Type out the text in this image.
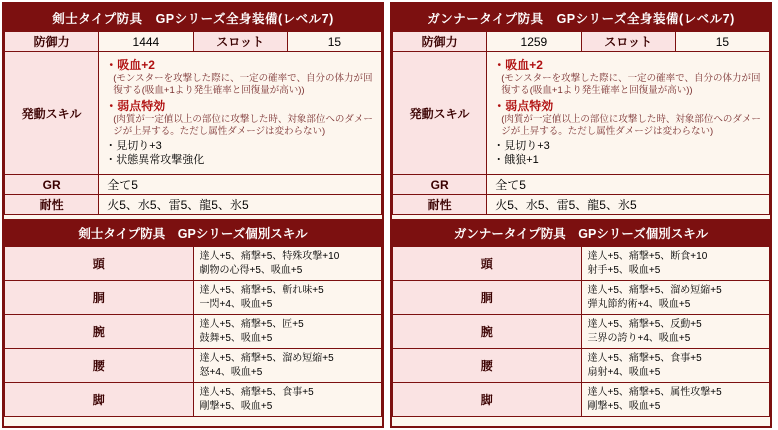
剣士タイプ防具　GPシリーズ全身装備(レベル7)			
防御力	1444	スロット	15
発動スキル	
・ 吸血+2
(モンスターを攻撃した際に、一定の確率で、自分の体力が回復する(吸血+1より発生確率と回復量が高い))
・ 弱点特効
(肉質が一定値以上の部位に攻撃した時、対象部位へのダメージが上昇する。ただし属性ダメージは変わらない)
・ 見切り+3
・ 状態異常攻撃強化

GR	全て5		
耐性	火5、水5、雷5、龍5、氷5		
剣士タイプ防具　GPシリーズ個別スキル	
頭	達人+5、痛撃+5、特殊攻撃+10
劇物の心得+5、吸血+5

胴	達人+5、痛撃+5、斬れ味+5
一閃+4、吸血+5

腕	達人+5、痛撃+5、匠+5
鼓舞+5、吸血+5

腰	達人+5、痛撃+5、溜め短縮+5
怒+4、吸血+5

脚	達人+5、痛撃+5、食事+5
剛撃+5、吸血+5
ガンナータイプ防具　GPシリーズ全身装備(レベル7)			
防御力	1259	スロット	15
発動スキル	
・ 吸血+2
(モンスターを攻撃した際に、一定の確率で、自分の体力が回復する(吸血+1より発生確率と回復量が高い))
・ 弱点特効
(肉質が一定値以上の部位に攻撃した時、対象部位へのダメージが上昇する。ただし属性ダメージは変わらない)
・ 見切り+3
・ 餓狼+1

GR	全て5		
耐性	火5、水5、雷5、龍5、氷5		
ガンナータイプ防具　GPシリーズ個別スキル	
頭	達人+5、痛撃+5、断食+10
射手+5、吸血+5

胴	達人+5、痛撃+5、溜め短縮+5
弾丸節約術+4、吸血+5

腕	達人+5、痛撃+5、反動+5
三界の誇り+4、吸血+5

腰	達人+5、痛撃+5、食事+5
扇射+4、吸血+5

脚	達人+5、痛撃+5、属性攻撃+5
剛撃+5、吸血+5
